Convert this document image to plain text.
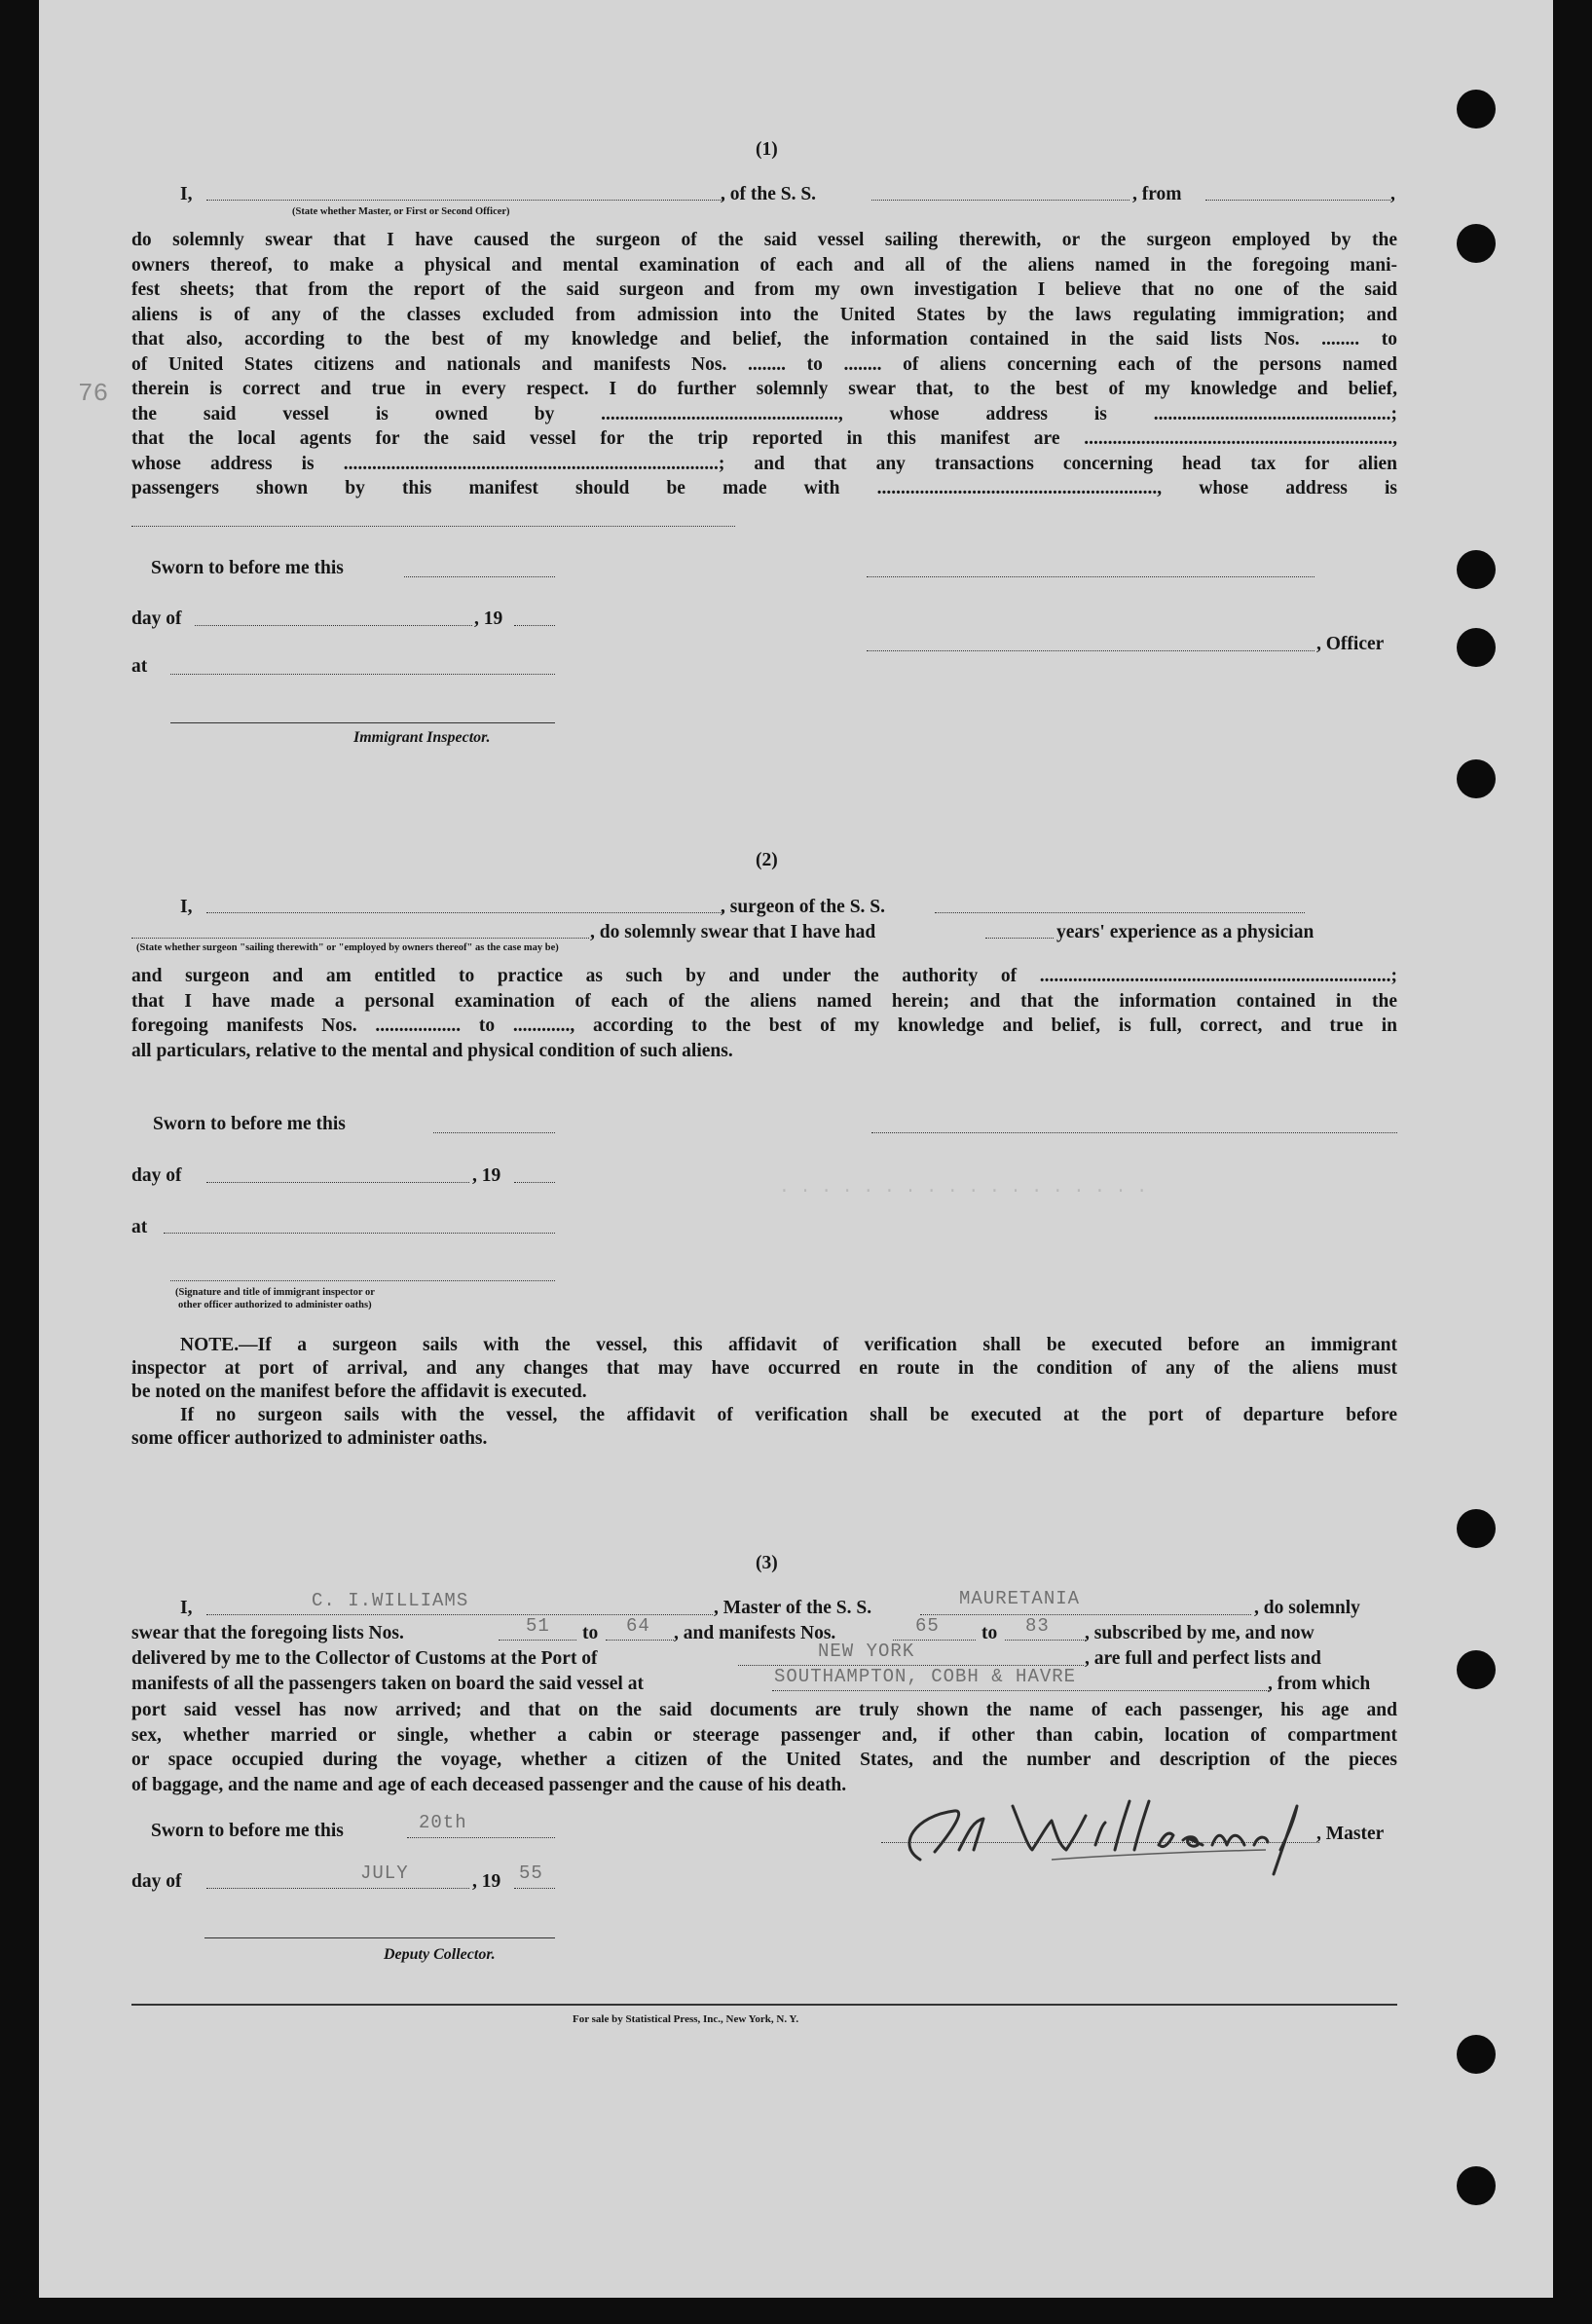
. . . . . . . . . . . . . . . . . .
76
(1)
I,	, of the S. S.	, from	,
(State whether Master, or First or Second Officer)
do solemnly swear that I have caused the surgeon of the said vessel sailing therewith, or the surgeon employed by the
owners thereof, to make a physical and mental examination of each and all of the aliens named in the foregoing mani-
fest sheets; that from the report of the said surgeon and from my own investigation I believe that no one of the said
aliens is of any of the classes excluded from admission into the United States by the laws regulating immigration; and
that also, according to the best of my knowledge and belief, the information contained in the said lists Nos. ........ to
of United States citizens and nationals and manifests Nos. ........ to ........ of aliens concerning each of the persons named
therein is correct and true in every respect. I do further solemnly swear that, to the best of my knowledge and belief,
the said vessel is owned by .................................................., whose address is ..................................................;
that the local agents for the said vessel for the trip reported in this manifest are .................................................................,
whose address is ...............................................................................; and that any transactions concerning head tax for alien
passengers shown by this manifest should be made with ..........................................................., whose address is
Sworn to before me this
day of	, 19
, Officer
at
Immigrant Inspector.
(2)
I,	, surgeon of the S. S.
, do solemnly swear that I have had	years' experience as a physician
(State whether surgeon "sailing therewith" or "employed by owners thereof" as the case may be)
and surgeon and am entitled to practice as such by and under the authority of ..........................................................................;
that I have made a personal examination of each of the aliens named herein; and that the information contained in the
foregoing manifests Nos. .................. to ............, according to the best of my knowledge and belief, is full, correct, and true in
all particulars, relative to the mental and physical condition of such aliens.
Sworn to before me this
day of	, 19
at
(Signature and title of immigrant inspector or
other officer authorized to administer oaths)
NOTE.—If a surgeon sails with the vessel, this affidavit of verification shall be executed before an immigrant
inspector at port of arrival, and any changes that may have occurred en route in the condition of any of the aliens must
be noted on the manifest before the affidavit is executed.
If no surgeon sails with the vessel, the affidavit of verification shall be executed at the port of departure before
some officer authorized to administer oaths.
(3)
I,	C. I.WILLIAMS	, Master of the S. S.	MAURETANIA	, do solemnly
swear that the foregoing lists Nos.	51 to 64 , and manifests Nos.	65 to 83 , subscribed by me, and now
delivered by me to the Collector of Customs at the Port of	NEW YORK	, are full and perfect lists and
manifests of all the passengers taken on board the said vessel at	SOUTHAMPTON, COBH & HAVRE	, from which
port said vessel has now arrived; and that on the said documents are truly shown the name of each passenger, his age and
sex, whether married or single, whether a cabin or steerage passenger and, if other than cabin, location of compartment
or space occupied during the voyage, whether a citizen of the United States, and the number and description of the pieces
of baggage, and the name and age of each deceased passenger and the cause of his death.
Sworn to before me this	20th
, Master
day of	JULY	, 19 55
Deputy Collector.
For sale by Statistical Press, Inc., New York, N. Y.
